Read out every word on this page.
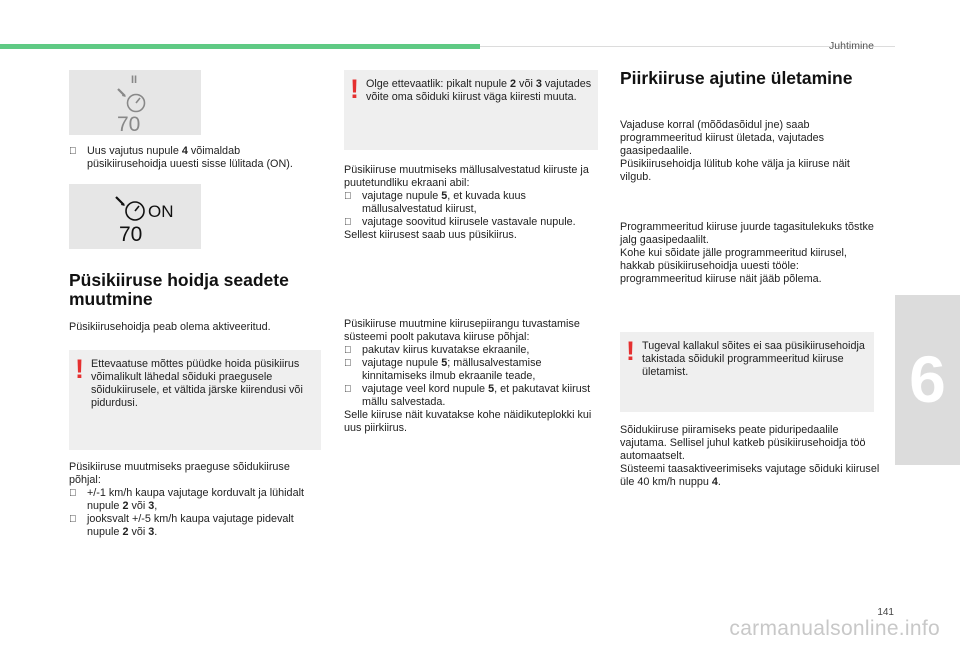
Juhtimine
6
II
70
Uus vajutus nupule 4 võimaldab püsikiirusehoidja uuesti sisse lülitada (ON).
ON
70
Püsikiiruse hoidja seadete muutmine
Püsikiirusehoidja peab olema aktiveeritud.
! Ettevaatuse mõttes püüdke hoida püsikiirus võimalikult lähedal sõiduki praegusele sõidukiirusele, et vältida järske kiirendusi või pidurdusi.
Püsikiiruse muutmiseks praeguse sõidukiiruse põhjal:
+/-1 km/h kaupa vajutage korduvalt ja lühidalt nupule 2 või 3,
jooksvalt +/-5 km/h kaupa vajutage pidevalt nupule 2 või 3.
! Olge ettevaatlik: pikalt nupule 2 või 3 vajutades võite oma sõiduki kiirust väga kiiresti muuta.
Püsikiiruse muutmiseks mällusalvestatud kiiruste ja puutetundliku ekraani abil:
vajutage nupule 5, et kuvada kuus mällusalvestatud kiirust,
vajutage soovitud kiirusele vastavale nupule.
Sellest kiirusest saab uus püsikiirus.
Püsikiiruse muutmine kiirusepiirangu tuvastamise süsteemi poolt pakutava kiiruse põhjal:
pakutav kiirus kuvatakse ekraanile,
vajutage nupule 5; mällusalvestamise kinnitamiseks ilmub ekraanile teade,
vajutage veel kord nupule 5, et pakutavat kiirust mällu salvestada.
Selle kiiruse näit kuvatakse kohe näidikuteplokki kui uus piirkiirus.
Piirkiiruse ajutine ületamine
Vajaduse korral (mõõdasõidul jne) saab programmeeritud kiirust ületada, vajutades gaasipedaalile.
Püsikiirusehoidja lülitub kohe välja ja kiiruse näit vilgub.
Programmeeritud kiiruse juurde tagasitulekuks tõstke jalg gaasipedaalilt.
Kohe kui sõidate jälle programmeeritud kiirusel, hakkab püsikiirusehoidja uuesti tööle: programmeeritud kiiruse näit jääb põlema.
! Tugeval kallakul sõites ei saa püsikiirusehoidja takistada sõidukil programmeeritud kiiruse ületamist.
Sõidukiiruse piiramiseks peate piduripedaalile vajutama. Sellisel juhul katkeb püsikiirusehoidja töö automaatselt.
Süsteemi taasaktiveerimiseks vajutage sõiduki kiirusel üle 40 km/h nuppu 4.
141
carmanualsonline.info
